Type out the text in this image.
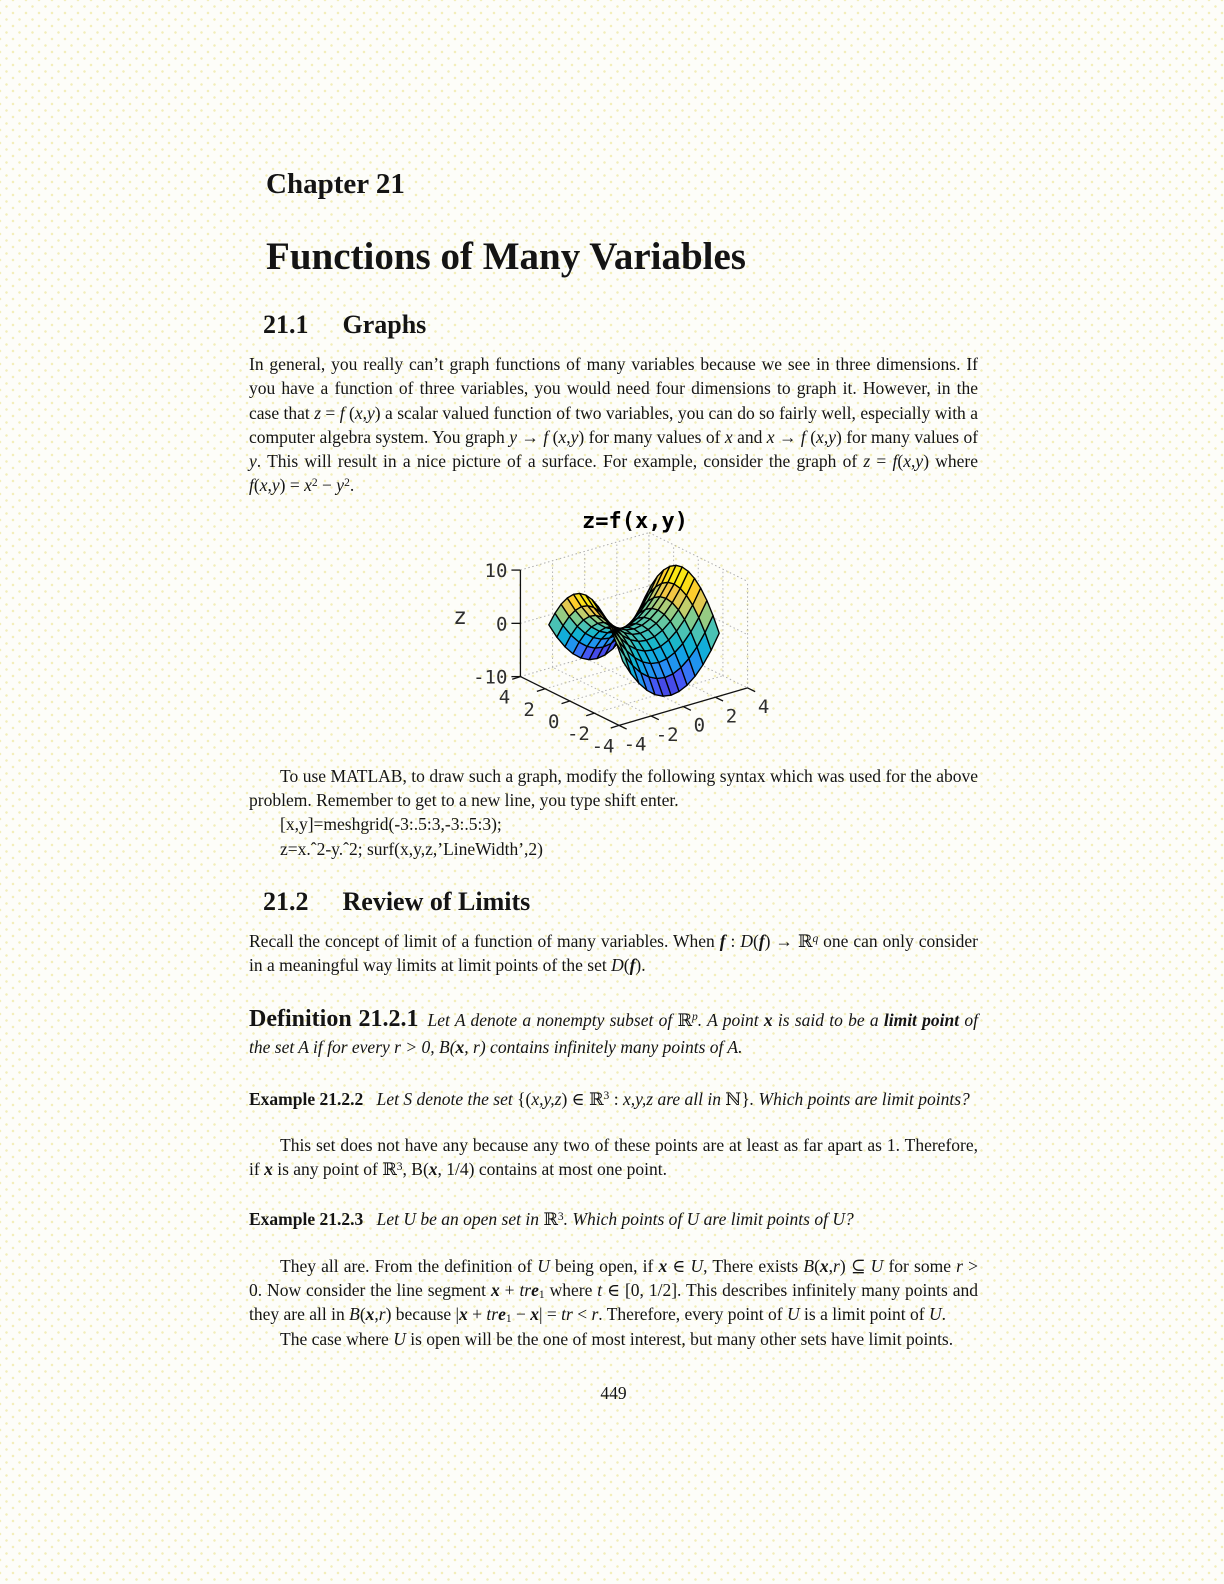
Chapter 21
Functions of Many Variables
21.1 Graphs

In general, you really can’t graph functions of many variables because we see in three dimensions. If you have a function of three variables, you would need four dimensions to graph it. However, in the case that z = f (x,y) a scalar valued function of two variables, you can do so fairly well, especially with a computer algebra system. You graph y → f (x,y) for many values of x and x → f (x,y) for many values of y. This will result in a nice picture of a surface. For example, consider the graph of z = f(x,y) where $f(x,y) = x^2 - y^2$.

10
0
-10
4
2
0
-2
-4 -4 -2 0 2 4
z=f(x,y)
z

To use MATLAB, to draw such a graph, modify the following syntax which was used for the above problem. Remember to get to a new line, you type shift enter.

[x,y]=meshgrid(-3:.5:3,-3:.5:3);
z=x.ˆ2-y.ˆ2; surf(x,y,z,’LineWidth’,2)
21.2 Review of Limits

Recall the concept of limit of a function of many variables. When f : D(f) → ℝ$^q$ one can only consider in a meaningful way limits at limit points of the set D(f).

Definition 21.2.1 Let A denote a nonempty subset of ℝ$^p$. A point x is said to be a limit point of the set A if for every r > 0, B(x, r) contains infinitely many points of A.

Example 21.2.2 Let S denote the set {(x,y,z) ∈ ℝ$^3$ : x,y,z are all in ℕ}. Which points are limit points?

This set does not have any because any two of these points are at least as far apart as 1. Therefore, if x is any point of ℝ$^3$, B(x, 1/4) contains at most one point.

Example 21.2.3 Let U be an open set in ℝ$^3$. Which points of U are limit points of U?

They all are. From the definition of U being open, if x ∈ U, There exists B(x,r) ⊆ U for some r > 0. Now consider the line segment x + tre$_1$ where t ∈ [0, 1/2]. This describes infinitely many points and they are all in B(x,r) because |x + tre$_1$ − x| = tr < r. Therefore, every point of U is a limit point of U.

The case where U is open will be the one of most interest, but many other sets have limit points.

449
